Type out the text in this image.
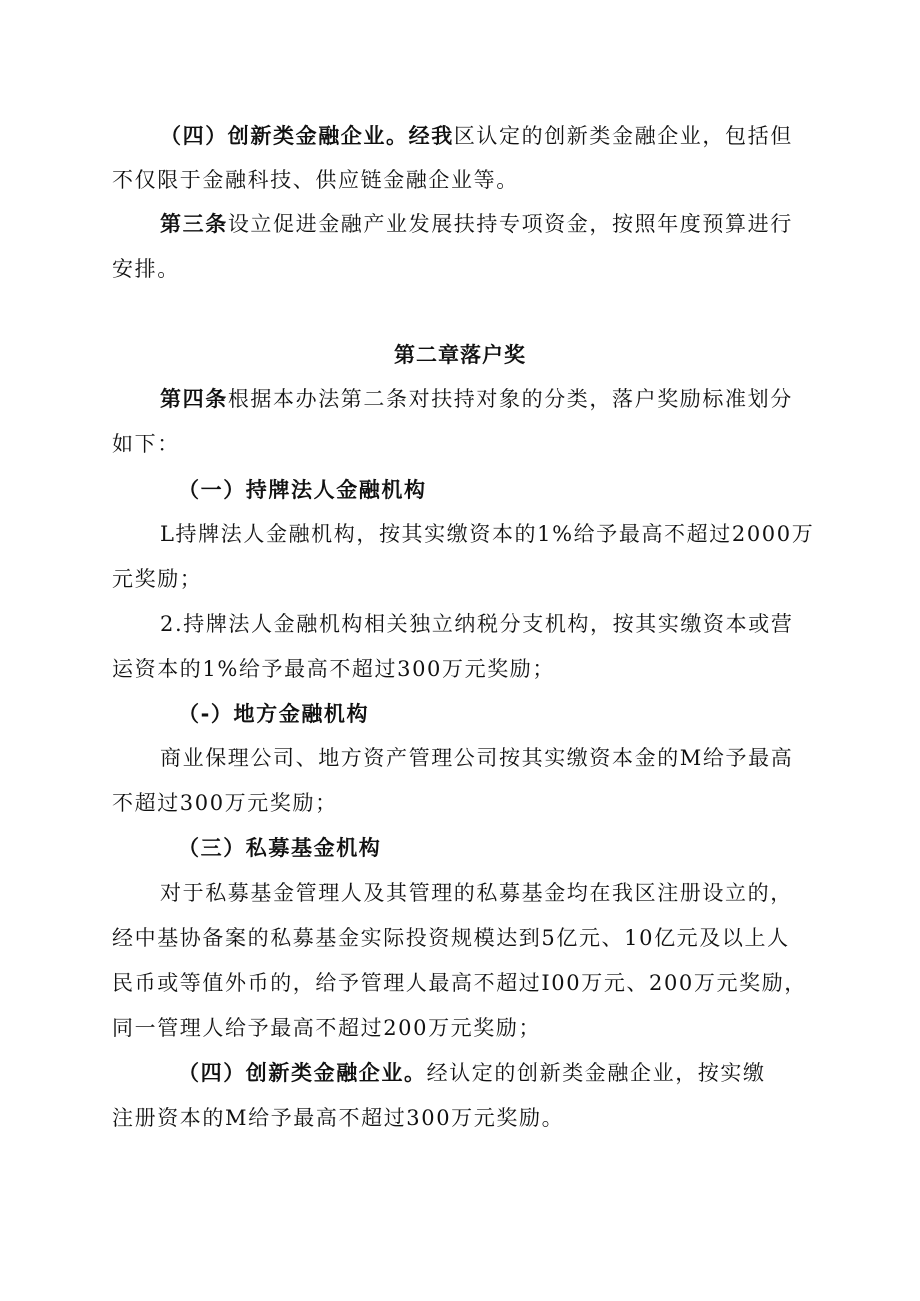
（四）创新类金融企业。经我区认定的创新类金融企业，包括但
不仅限于金融科技、供应链金融企业等。
第三条设立促进金融产业发展扶持专项资金，按照年度预算进行
安排。
第二章落户奖
第四条根据本办法第二条对扶持对象的分类，落户奖励标准划分
如下：
（一）持牌法人金融机构
L持牌法人金融机构，按其实缴资本的1%给予最高不超过2000万
元奖励；
2.持牌法人金融机构相关独立纳税分支机构，按其实缴资本或营
运资本的1%给予最高不超过300万元奖励；
（-）地方金融机构
商业保理公司、地方资产管理公司按其实缴资本金的M给予最高
不超过300万元奖励；
（三）私募基金机构
对于私募基金管理人及其管理的私募基金均在我区注册设立的，
经中基协备案的私募基金实际投资规模达到5亿元、10亿元及以上人
民币或等值外币的，给予管理人最高不超过I00万元、200万元奖励，
同一管理人给予最高不超过200万元奖励；
（四）创新类金融企业。经认定的创新类金融企业，按实缴
注册资本的M给予最高不超过300万元奖励。
